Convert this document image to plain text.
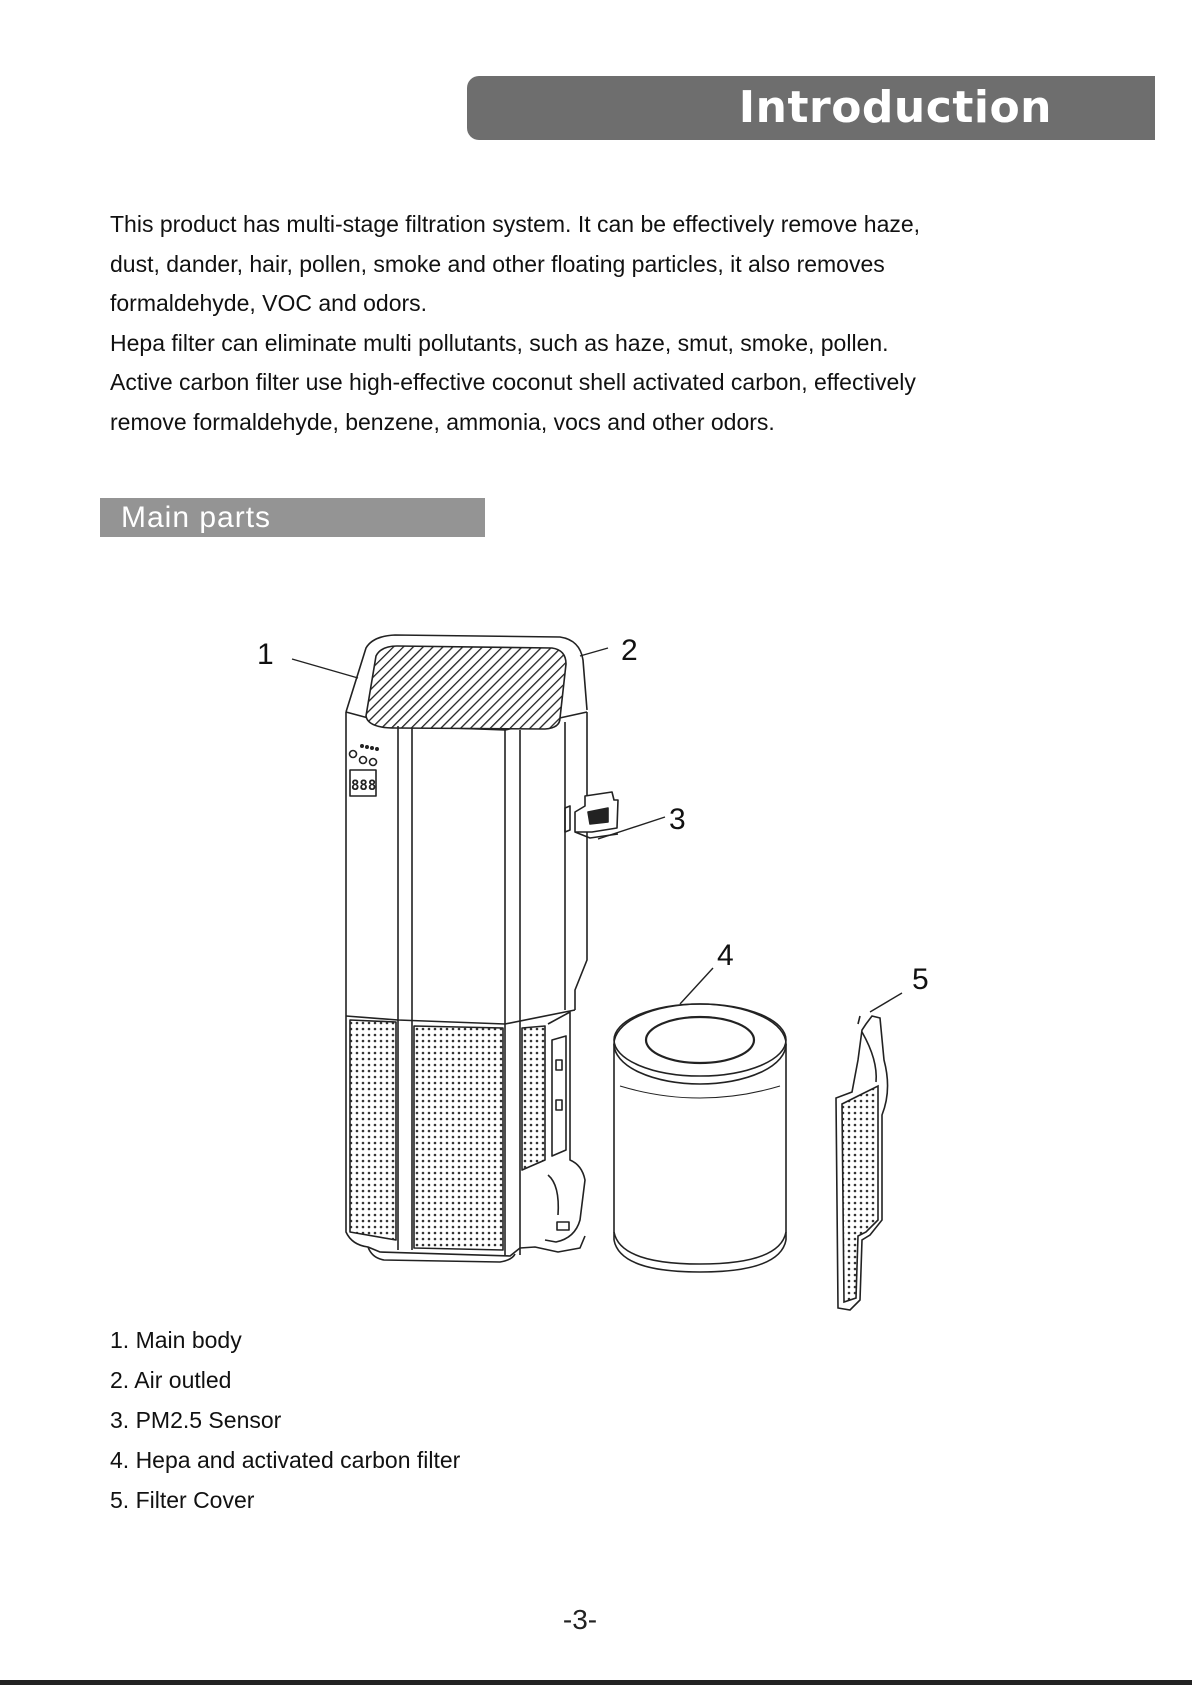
Introduction

This product has multi-stage filtration system. It can be effectively remove haze,

dust, dander, hair, pollen, smoke and other floating particles, it also removes

formaldehyde, VOC and odors.

Hepa filter can eliminate multi pollutants, such as haze, smut, smoke, pollen.

Active carbon filter use high-effective coconut shell activated carbon, effectively

remove formaldehyde, benzene, ammonia, vocs and other odors.

Main parts
888
1	2
3
4
5
1. Main body
2. Air outled
3. PM2.5 Sensor
4. Hepa and activated carbon filter
5. Filter Cover
-3-
